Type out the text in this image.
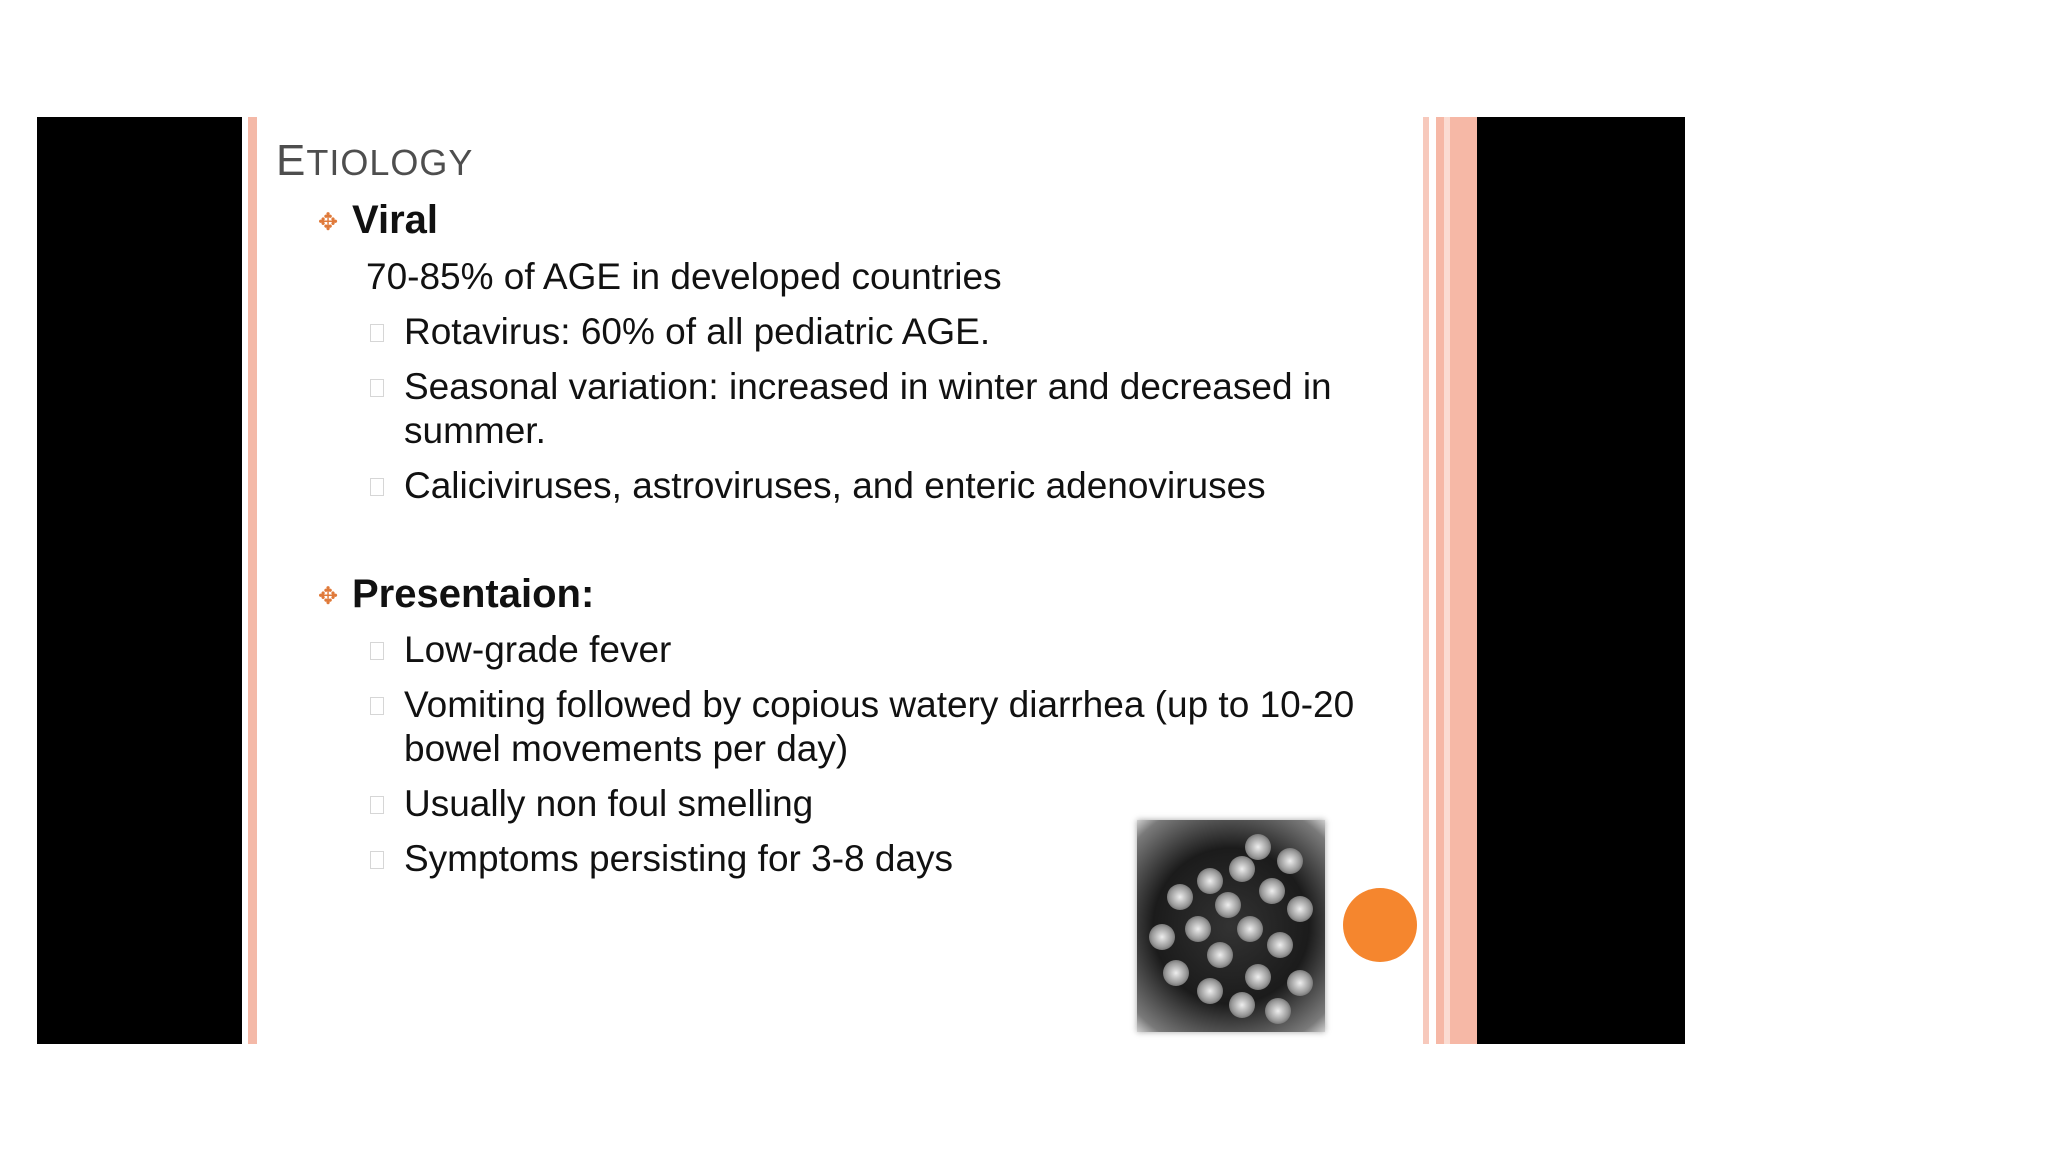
ETIOLOGY
✥ Viral
70-85% of AGE in developed countries
Rotavirus: 60% of all pediatric AGE.
Seasonal variation: increased in winter and decreased in summer.
Caliciviruses, astroviruses, and enteric adenoviruses
✥ Presentaion:
Low-grade fever
Vomiting followed by copious watery diarrhea (up to 10-20 bowel movements per day)
Usually non foul smelling
Symptoms persisting for 3-8 days
